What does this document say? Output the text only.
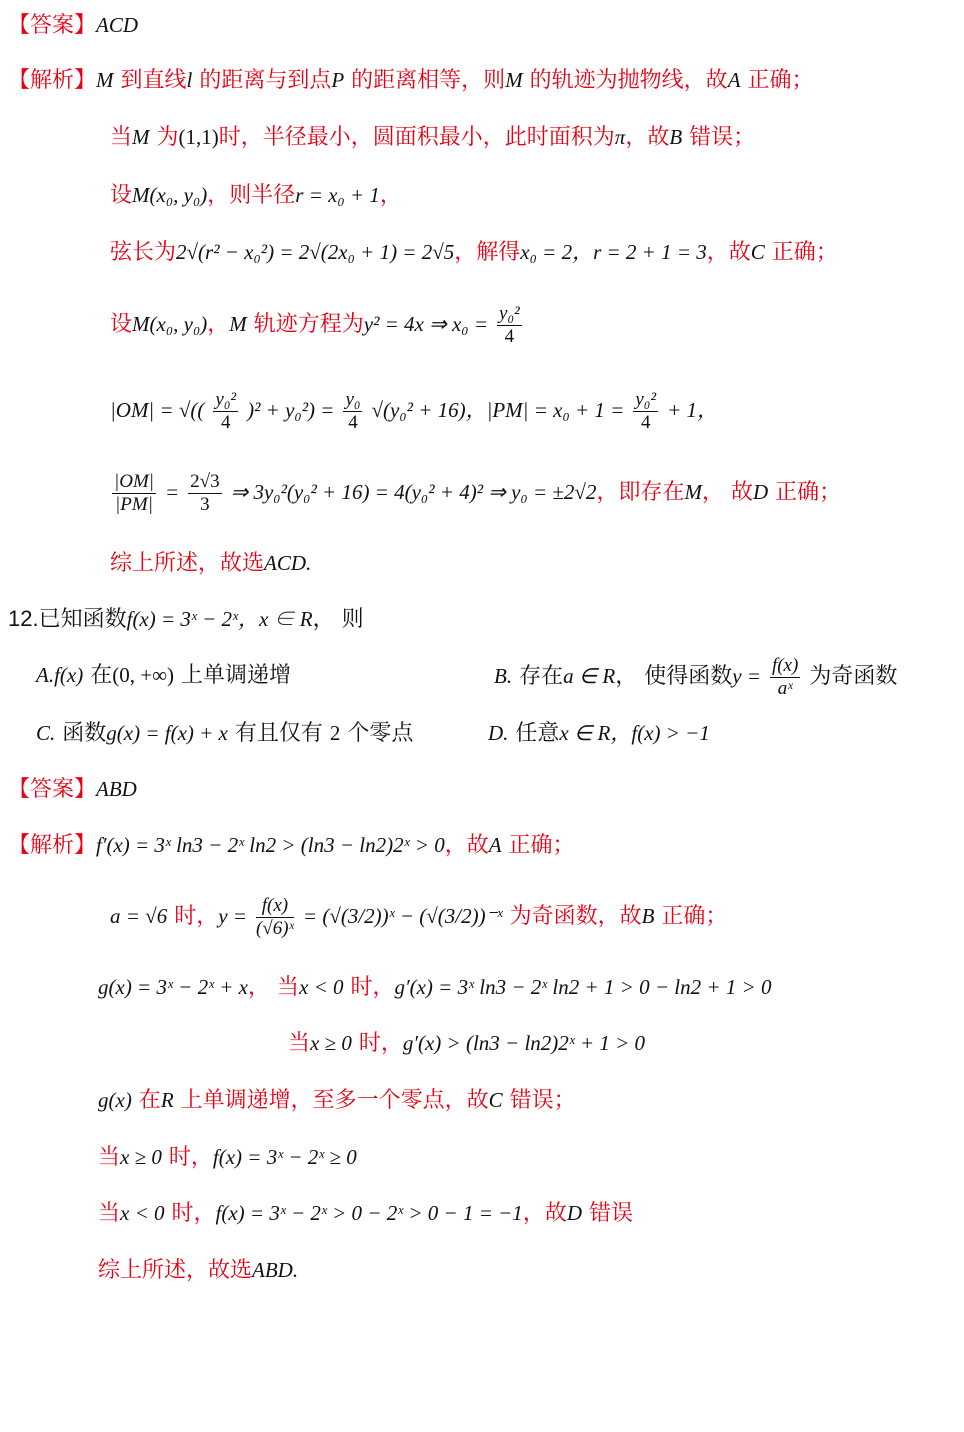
【答案】ACD
【解析】M 到直线l 的距离与到点P 的距离相等，则M 的轨迹为抛物线，故A 正确；
当M 为(1,1)时，半径最小，圆面积最小，此时面积为π，故B 错误；
设M(x₀, y₀)，则半径r = x₀ + 1，
弦长为2√(r² − x₀²) = 2√(2x₀ + 1) = 2√5，解得x₀ = 2，r = 2 + 1 = 3，故C 正确；
设M(x₀, y₀)，M 轨迹方程为y² = 4x ⇒ $x_0 = \frac{\text{y₀²}}{4}$
|OM| = √(( $\frac{\text{y₀²}}{4} )^2 + y_0^2) = \frac{\text{y₀}}{4} √(y_0^2 + 16)$，$|PM| = x_0 + 1 = \frac{\text{y₀²}}{4} + 1$，
$\frac{|OM|}{|PM|} = \frac{2√3}{3}$ ⇒ 3y₀²(y₀² + 16) = 4(y₀² + 4)² ⇒ y₀ = ±2√2，即存在M， 故D 正确；
综上所述，故选ACD.
12.已知函数f(x) = 3ˣ − 2ˣ，x ∈ R， 则
A.f(x) 在(0, +∞) 上单调递增	B. 存在a ∈ R， 使得函数$y = \frac{f(x)}{\text{aˣ}}$ 为奇函数
C. 函数g(x) = f(x) + x 有且仅有 2 个零点	D. 任意x ∈ R，f(x) > −1
【答案】ABD
【解析】f′(x) = 3ˣ ln3 − 2ˣ ln2 > (ln3 − ln2)2ˣ > 0，故A 正确；
a = √6 时，$y = \frac{f(x)}{\text{(√6)ˣ}}$ = (√(3/2))ˣ − (√(3/2))⁻ˣ 为奇函数，故B 正确；
g(x) = 3ˣ − 2ˣ + x， 当x < 0 时，g′(x) = 3ˣ ln3 − 2ˣ ln2 + 1 > 0 − ln2 + 1 > 0
当x ≥ 0 时，g′(x) > (ln3 − ln2)2ˣ + 1 > 0
g(x) 在R 上单调递增，至多一个零点，故C 错误；
当x ≥ 0 时，f(x) = 3ˣ − 2ˣ ≥ 0
当x < 0 时，f(x) = 3ˣ − 2ˣ > 0 − 2ˣ > 0 − 1 = −1，故D 错误
综上所述，故选ABD.
